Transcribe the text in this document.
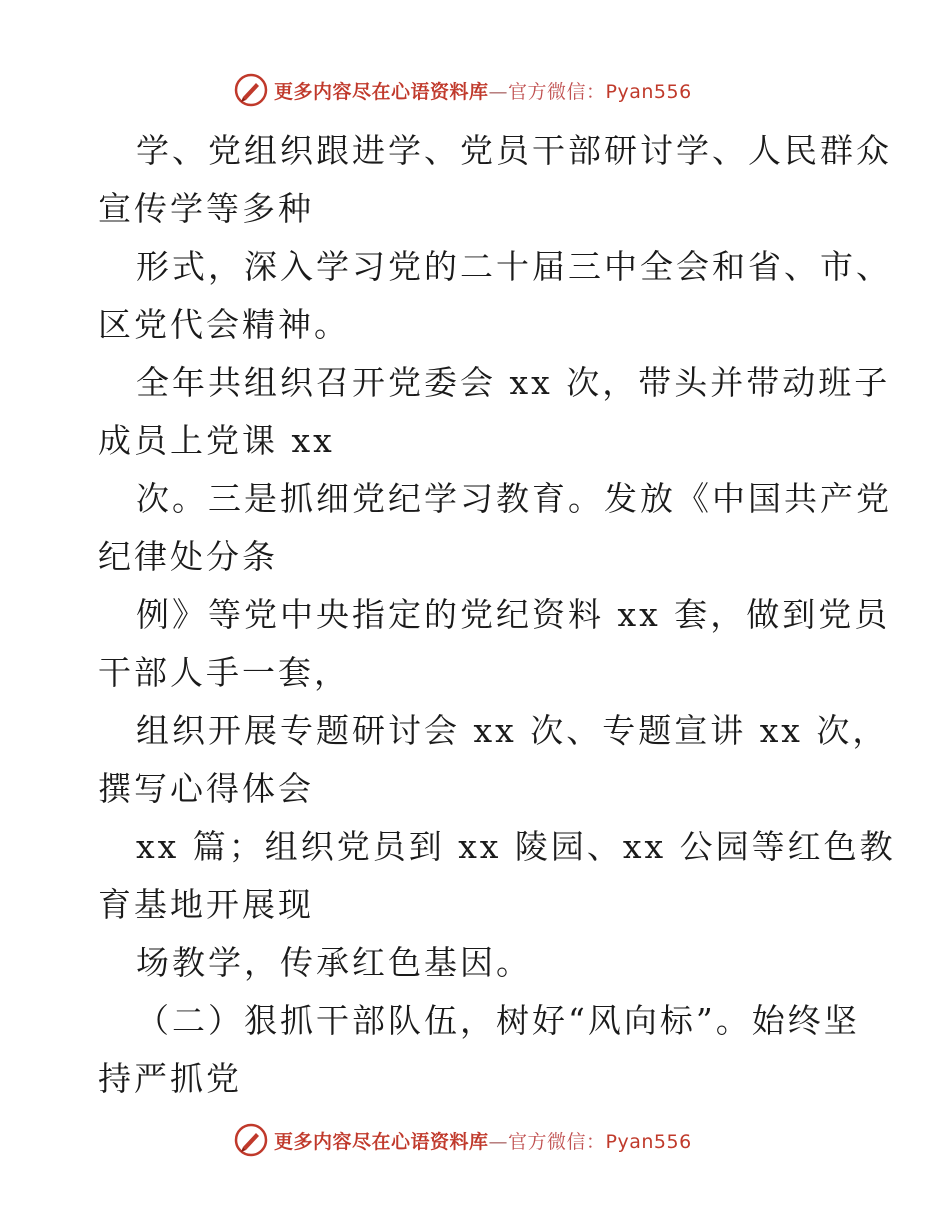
更多内容尽在心语资料库—官方微信：Pyan556
学、党组织跟进学、党员干部研讨学、人民群众
宣传学等多种
形式，深入学习党的二十届三中全会和省、市、
区党代会精神。
全年共组织召开党委会 xx 次，带头并带动班子
成员上党课 xx
次。三是抓细党纪学习教育。发放《中国共产党
纪律处分条
例》等党中央指定的党纪资料 xx 套，做到党员
干部人手一套，
组织开展专题研讨会 xx 次、专题宣讲 xx 次，
撰写心得体会
xx 篇；组织党员到 xx 陵园、xx 公园等红色教
育基地开展现
场教学，传承红色基因。
（二）狠抓干部队伍，树好“风向标”。始终坚
持严抓党
更多内容尽在心语资料库—官方微信：Pyan556
